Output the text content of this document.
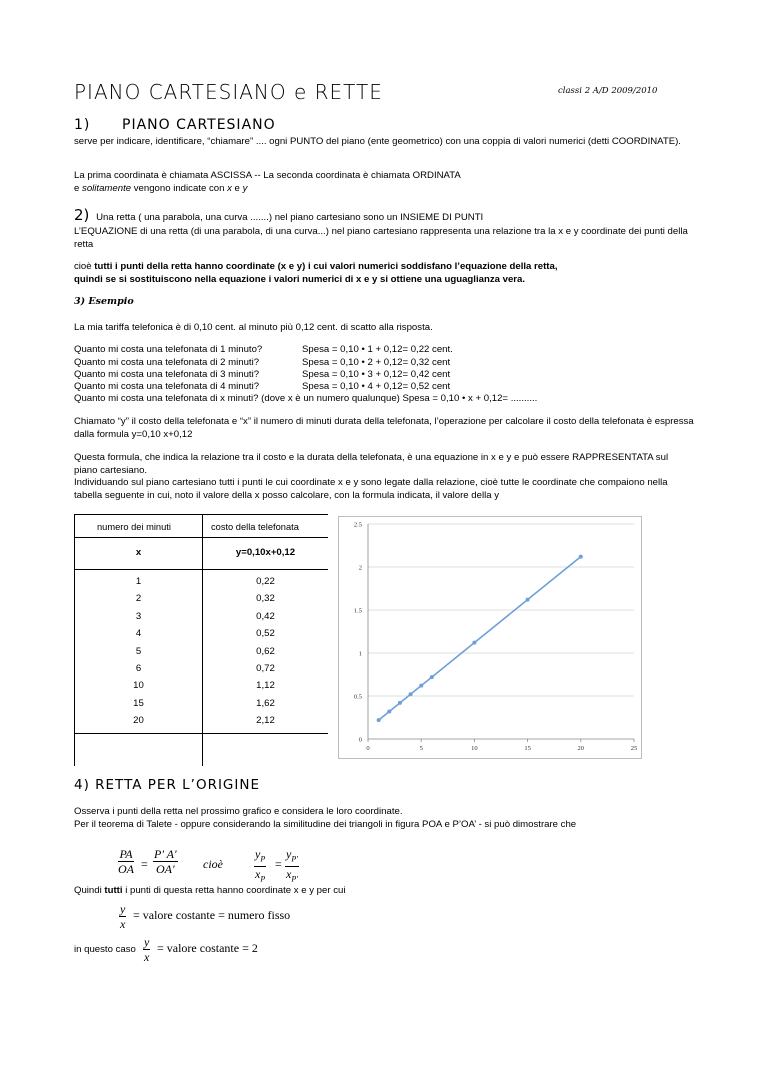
PIANO CARTESIANO e RETTE	classi 2 A/D 2009/2010
1) PIANO CARTESIANO
serve per indicare, identificare, “chiamare” .... ogni PUNTO del piano (ente geometrico) con una coppia di valori numerici (detti COORDINATE).
La prima coordinata è chiamata ASCISSA -- La seconda coordinata è chiamata ORDINATA
e solitamente vengono indicate con x e y
2) Una retta ( una parabola, una curva .......) nel piano cartesiano sono un INSIEME DI PUNTI
L’EQUAZIONE di una retta (di una parabola, di una curva...) nel piano cartesiano rappresenta una relazione tra la x e y coordinate dei punti della retta
cioè tutti i punti della retta hanno coordinate (x e y) i cui valori numerici soddisfano l’equazione della retta,
quindi se si sostituiscono nella equazione i valori numerici di x e y si ottiene una uguaglianza vera.
3) Esempio
La mia tariffa telefonica è di 0,10 cent. al minuto più 0,12 cent. di scatto alla risposta.
Quanto mi costa una telefonata di 1 minuto?	Spesa = 0,10 • 1 + 0,12= 0,22 cent.
Quanto mi costa una telefonata di 2 minuti?	Spesa = 0,10 • 2 + 0,12= 0,32 cent
Quanto mi costa una telefonata di 3 minuti?	Spesa = 0,10 • 3 + 0,12= 0,42 cent
Quanto mi costa una telefonata di 4 minuti?	Spesa = 0,10 • 4 + 0,12= 0,52 cent
Quanto mi costa una telefonata di x minuti? (dove x è un numero qualunque) Spesa = 0,10 • x + 0,12= ..........
Chiamato “y” il costo della telefonata e “x” il numero di minuti durata della telefonata, l’operazione per calcolare il costo della telefonata è espressa dalla formula y=0,10 x+0,12
Questa formula, che indica la relazione tra il costo e la durata della telefonata, è una equazione in x e y e può essere RAPPRESENTATA sul piano cartesiano.
Individuando sul piano cartesiano tutti i punti le cui coordinate x e y sono legate dalla relazione, cioè tutte le coordinate che compaiono nella tabella seguente in cui, noto il valore della x posso calcolare, con la formula indicata, il valore della y
numero dei minuti	costo della telefonata
x	y=0,10x+0,12
1	0,22
2	0,32
3	0,42
4	0,52
5	0,62
6	0,72
10	1,12
15	1,62
20	2,12
0
0.5
1
1.5
2
2.5
0	5	10	15	20	25
4) RETTA PER L’ORIGINE
Osserva i punti della retta nel prossimo grafico e considera le loro coordinate.
Per il teorema di Talete - oppure considerando la similitudine dei triangoli in figura POA e P’OA’ - si può dimostrare che
$\frac{PA}{OA} = \frac{P' A'}{OA'}$ cioè	$\frac{y_P}{x_P} = \frac{y_{P'}}{x_{P'}}$
Quindi tutti i punti di questa retta hanno coordinate x e y per cui
$\frac{y}{x}$ = valore costante = numero fisso
in questo caso $\frac{y}{x}$ = valore costante = 2
